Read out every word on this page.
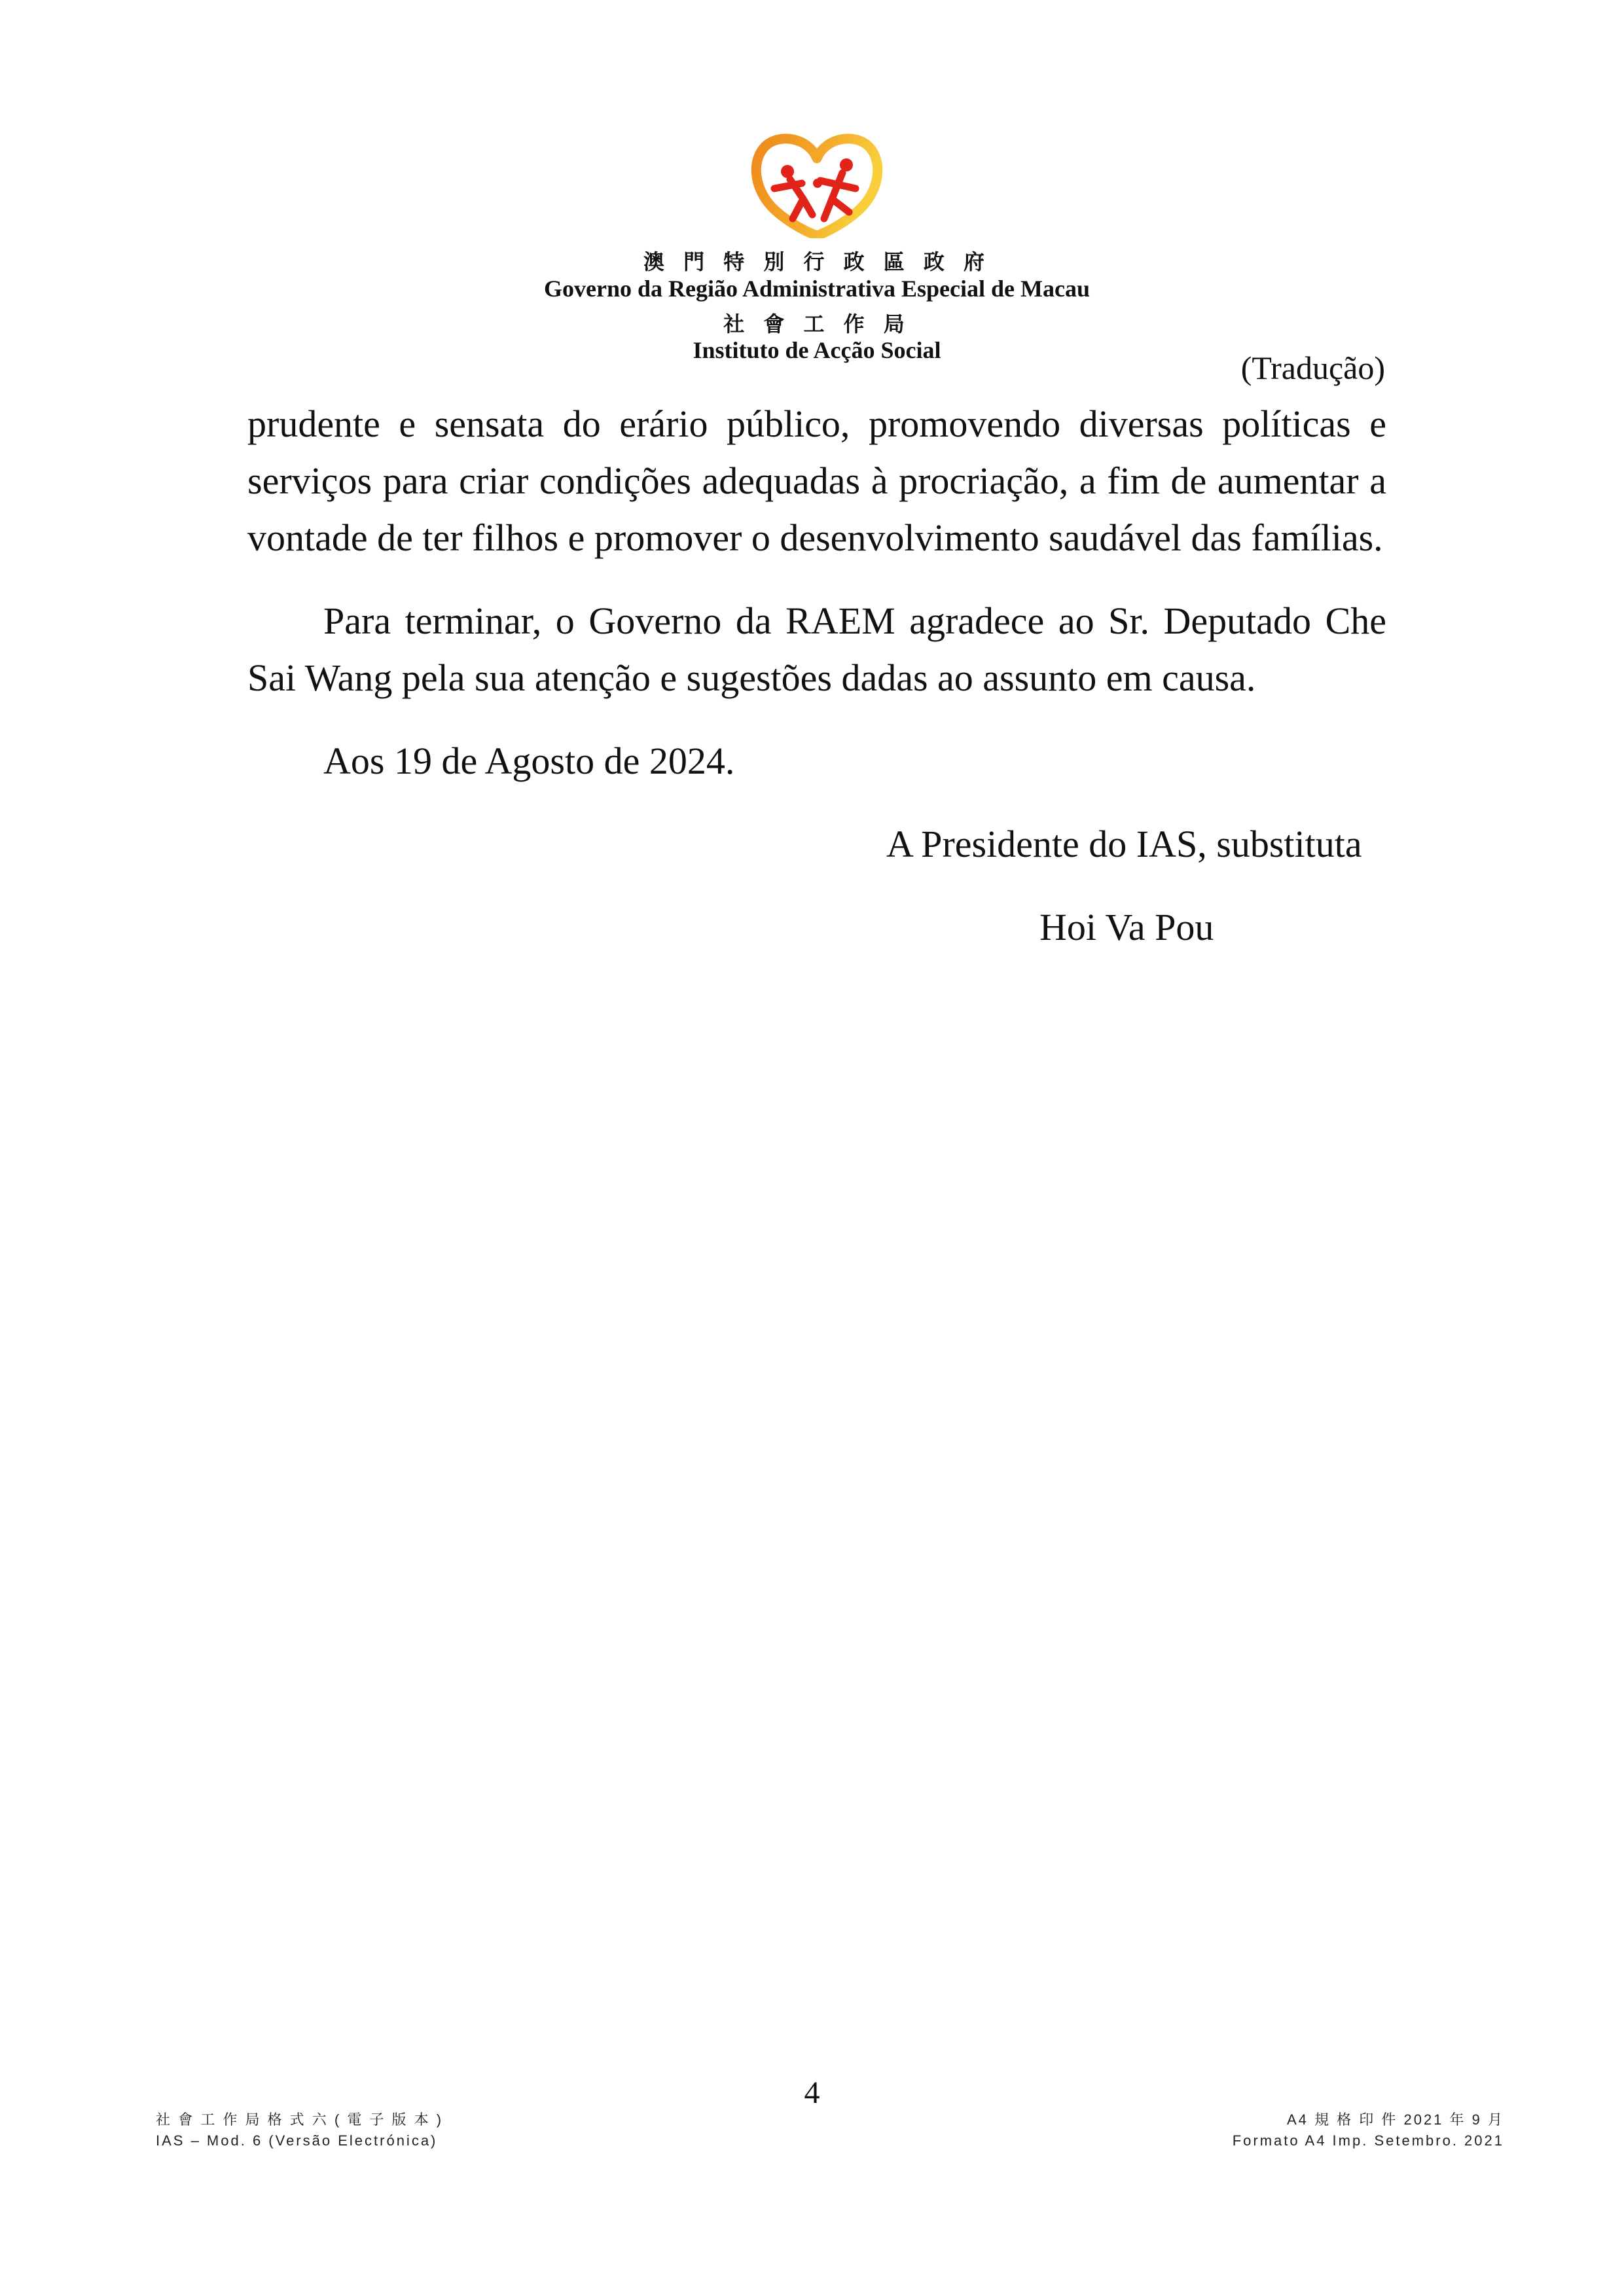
澳 門 特 別 行 政 區 政 府
Governo da Região Administrativa Especial de Macau
社 會 工 作 局
Instituto de Acção Social	(Tradução)
prudente e sensata do erário público, promovendo diversas políticas e
serviços para criar condições adequadas à procriação, a fim de aumentar a
vontade de ter filhos e promover o desenvolvimento saudável das famílias.
Para terminar, o Governo da RAEM agradece ao Sr. Deputado Che
Sai Wang pela sua atenção e sugestões dadas ao assunto em causa.
Aos 19 de Agosto de 2024.
A Presidente do IAS, substituta
Hoi Va Pou
4
社 會 工 作 局 格 式 六 ( 電 子 版 本 )
IAS – Mod. 6 (Versão Electrónica)
A4 規 格 印 件 2021 年 9 月
Formato A4 Imp. Setembro. 2021
